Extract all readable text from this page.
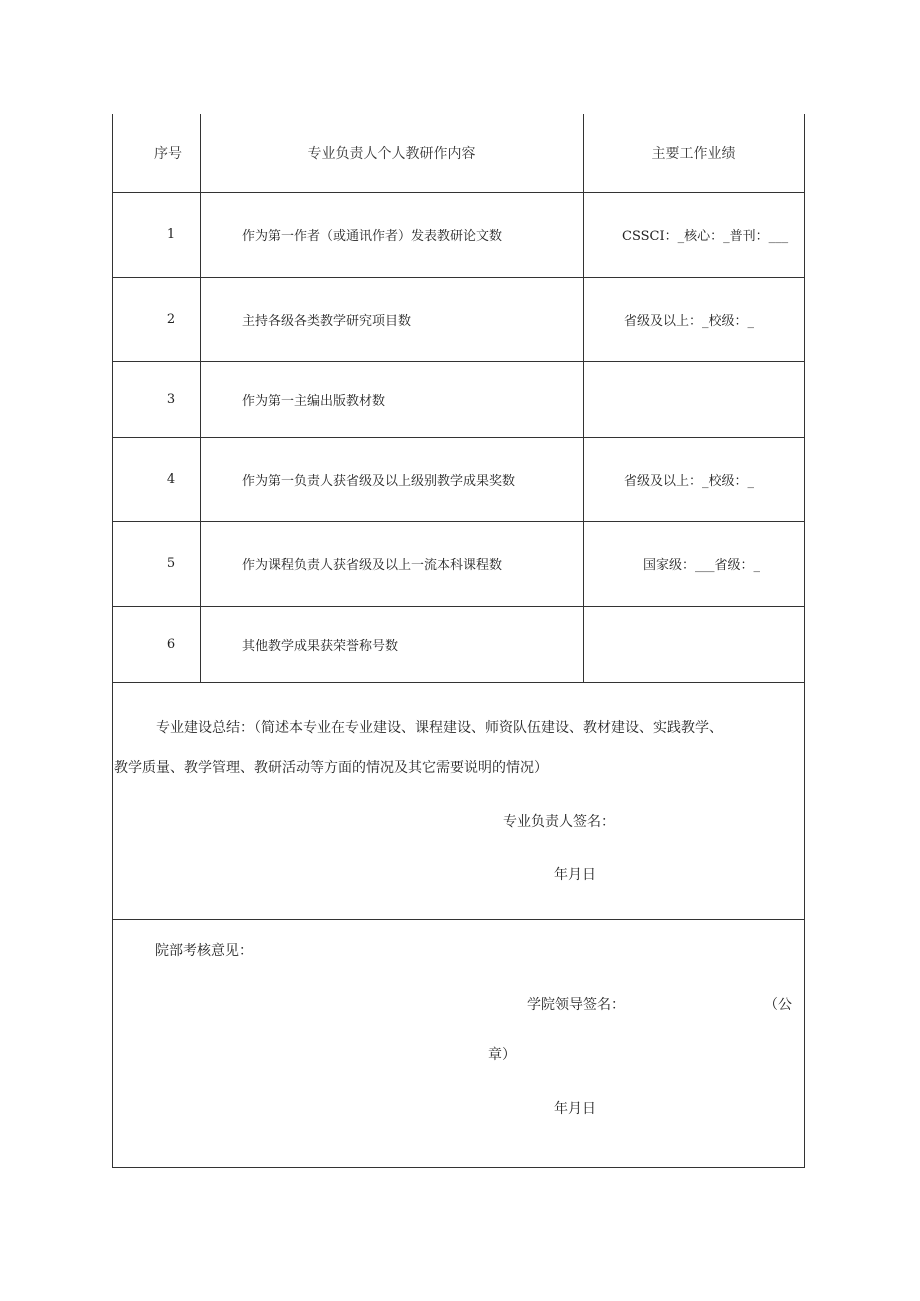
序号	专业负责人个人教研作内容	主要工作业绩
1	作为第一作者（或通讯作者）发表教研论文数	CSSCI：_核心：_普刊：___
2	主持各级各类教学研究项目数	省级及以上：_校级：_
3	作为第一主编出版教材数
4	作为第一负责人获省级及以上级别教学成果奖数	省级及以上：_校级：_
5	作为课程负责人获省级及以上一流本科课程数	国家级：___省级：_
6	其他教学成果获荣誉称号数
专业建设总结：（简述本专业在专业建设、课程建设、师资队伍建设、教材建设、实践教学、
教学质量、教学管理、教研活动等方面的情况及其它需要说明的情况）
专业负责人签名：
年月日
院部考核意见：
学院领导签名：	（公
章）
年月日
